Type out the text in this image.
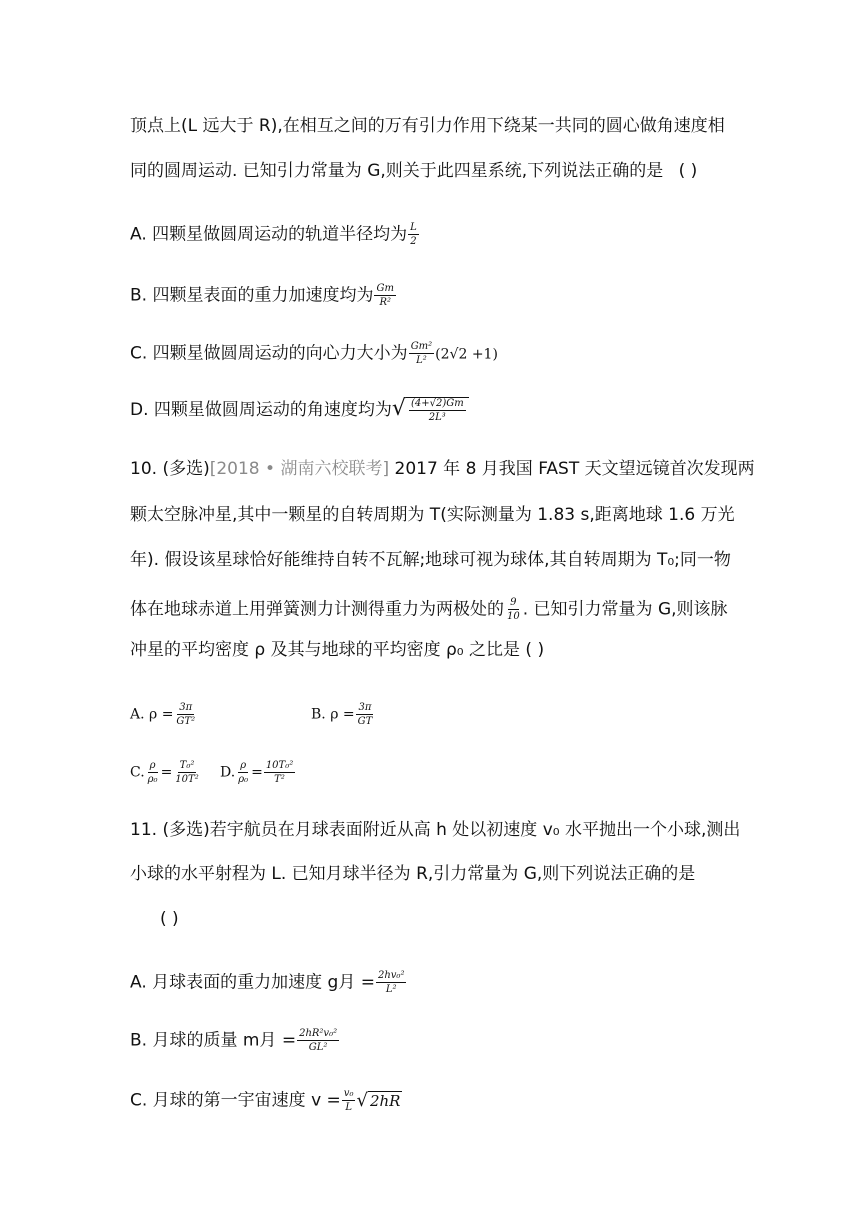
顶点上(L 远大于 R),在相互之间的万有引力作用下绕某一共同的圆心做角速度相
同的圆周运动. 已知引力常量为 G,则关于此四星系统,下列说法正确的是 ( )
A. 四颗星做圆周运动的轨道半径均为 $\frac{L}{2}$
B. 四颗星表面的重力加速度均为 $\frac{Gm}{\text{R²}}$
C. 四颗星做圆周运动的向心力大小为 $\frac{\text{Gm²}}{\text{L²}} (2√2 +1)$
D. 四颗星做圆周运动的角速度均为√ $\frac{(4+√2)Gm}{\text{2L³}}$
10. (多选)[2018 • 湖南六校联考] 2017 年 8 月我国 FAST 天文望远镜首次发现两
颗太空脉冲星,其中一颗星的自转周期为 T(实际测量为 1.83 s,距离地球 1.6 万光
年). 假设该星球恰好能维持自转不瓦解;地球可视为球体,其自转周期为 T₀;同一物
体在地球赤道上用弹簧测力计测得重力为两极处的 $\frac{9}{10}$ . 已知引力常量为 G,则该脉
冲星的平均密度 ρ 及其与地球的平均密度 ρ₀ 之比是 ( )
A. $\rho = \frac{3\pi}{\text{GT²}}$	B. $\rho = \frac{3\pi}{GT}$
C. $\frac{\rho}{\text{ρ₀}} = \frac{\text{T₀²}}{\text{10T²}} D$. $\frac{\rho}{\text{ρ₀}} = \frac{\text{10T₀²}}{\text{T²}}$
11. (多选)若宇航员在月球表面附近从高 h 处以初速度 v₀ 水平抛出一个小球,测出
小球的水平射程为 L. 已知月球半径为 R,引力常量为 G,则下列说法正确的是
( )
A. 月球表面的重力加速度 g月 = $\frac{\text{2hv₀²}}{\text{L²}}$
B. 月球的质量 m月 = $\frac{\text{2hR²v₀²}}{\text{GL²}}$
C. 月球的第一宇宙速度 $v = \frac{\text{v₀}}{L}$ √ 2hR
